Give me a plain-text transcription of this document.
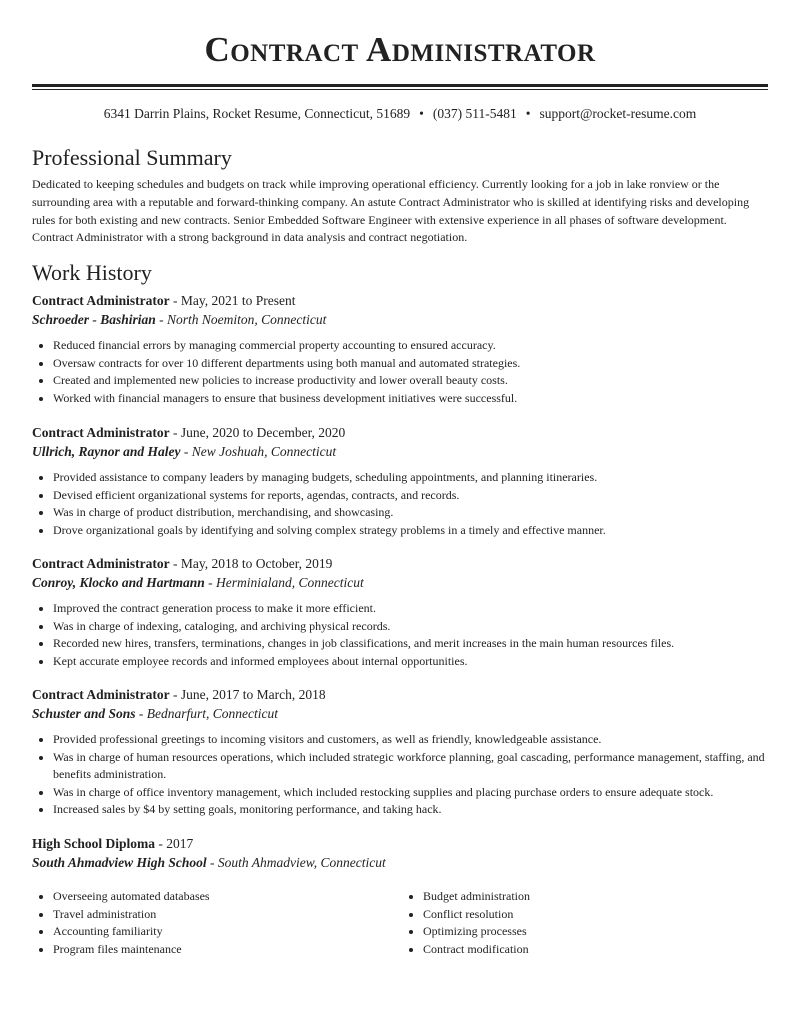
Contract Administrator
6341 Darrin Plains, Rocket Resume, Connecticut, 51689 • (037) 511-5481 • support@rocket-resume.com
Professional Summary

Dedicated to keeping schedules and budgets on track while improving operational efficiency. Currently looking for a job in lake ronview or the surrounding area with a reputable and forward-thinking company. An astute Contract Administrator who is skilled at identifying risks and developing rules for both existing and new contracts. Senior Embedded Software Engineer with extensive experience in all phases of software development. Contract Administrator with a strong background in data analysis and contract negotiation.

Work History

Contract Administrator - May, 2021 to Present

Schroeder - Bashirian - North Noemiton, Connecticut

Reduced financial errors by managing commercial property accounting to ensured accuracy.
Oversaw contracts for over 10 different departments using both manual and automated strategies.
Created and implemented new policies to increase productivity and lower overall beauty costs.
Worked with financial managers to ensure that business development initiatives were successful.

Contract Administrator - June, 2020 to December, 2020

Ullrich, Raynor and Haley - New Joshuah, Connecticut

Provided assistance to company leaders by managing budgets, scheduling appointments, and planning itineraries.
Devised efficient organizational systems for reports, agendas, contracts, and records.
Was in charge of product distribution, merchandising, and showcasing.
Drove organizational goals by identifying and solving complex strategy problems in a timely and effective manner.

Contract Administrator - May, 2018 to October, 2019

Conroy, Klocko and Hartmann - Herminialand, Connecticut

Improved the contract generation process to make it more efficient.
Was in charge of indexing, cataloging, and archiving physical records.
Recorded new hires, transfers, terminations, changes in job classifications, and merit increases in the main human resources files.
Kept accurate employee records and informed employees about internal opportunities.

Contract Administrator - June, 2017 to March, 2018

Schuster and Sons - Bednarfurt, Connecticut

Provided professional greetings to incoming visitors and customers, as well as friendly, knowledgeable assistance.
Was in charge of human resources operations, which included strategic workforce planning, goal cascading, performance management, staffing, and benefits administration.
Was in charge of office inventory management, which included restocking supplies and placing purchase orders to ensure adequate stock.
Increased sales by $4 by setting goals, monitoring performance, and taking hack.

High School Diploma - 2017

South Ahmadview High School - South Ahmadview, Connecticut

Overseeing automated databases
Travel administration
Accounting familiarity
Program files maintenance
Budget administration
Conflict resolution
Optimizing processes
Contract modification
